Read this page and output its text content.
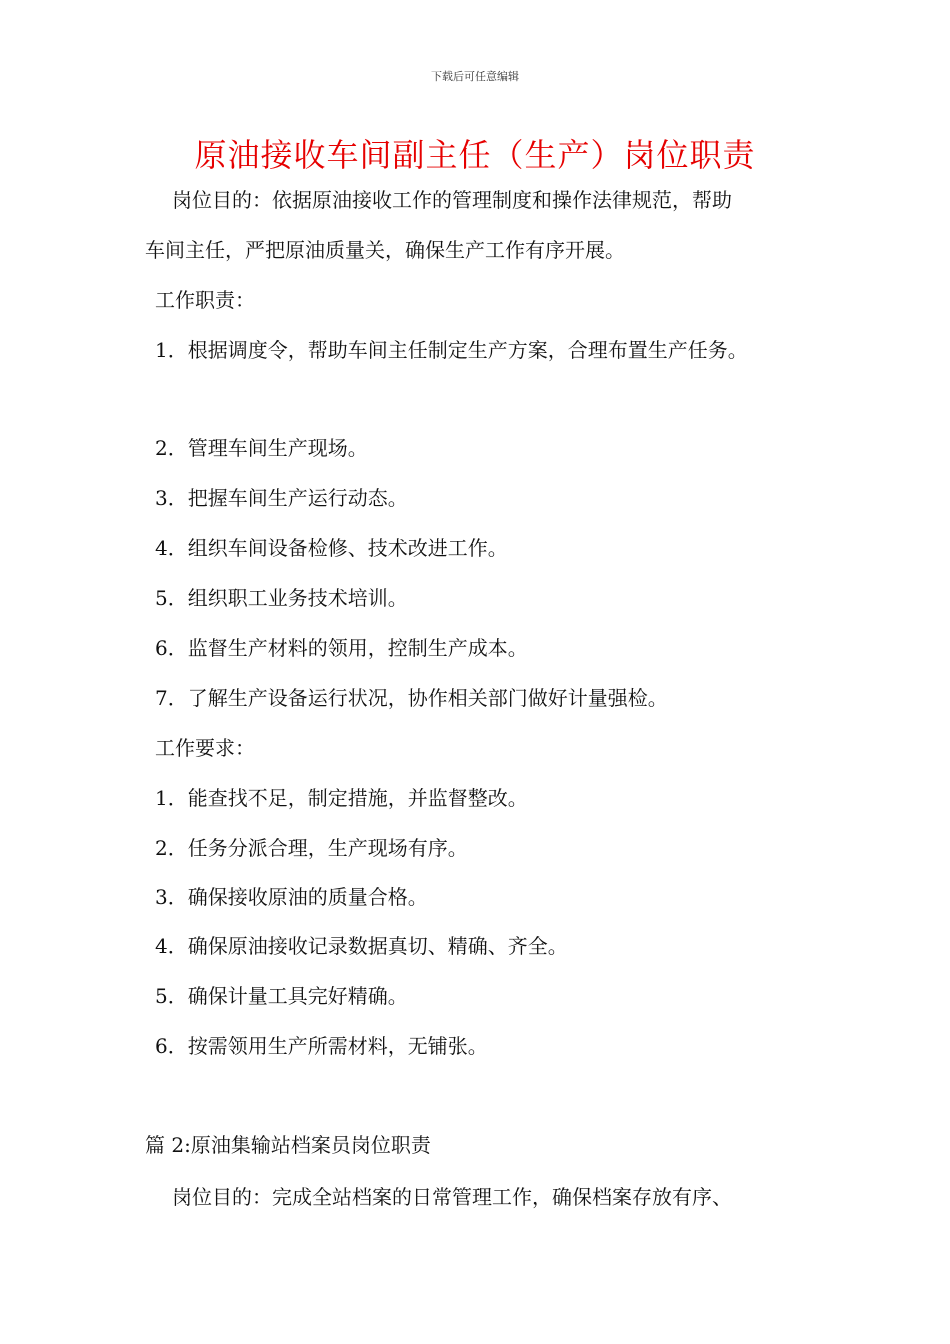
下载后可任意编辑
原油接收车间副主任（生产）岗位职责
岗位目的：依据原油接收工作的管理制度和操作法律规范，帮助
车间主任，严把原油质量关，确保生产工作有序开展。
工作职责：
1．根据调度令，帮助车间主任制定生产方案，合理布置生产任务。
2．管理车间生产现场。
3．把握车间生产运行动态。
4．组织车间设备检修、技术改进工作。
5．组织职工业务技术培训。
6．监督生产材料的领用，控制生产成本。
7．了解生产设备运行状况，协作相关部门做好计量强检。
工作要求：
1．能查找不足，制定措施，并监督整改。
2．任务分派合理，生产现场有序。
3．确保接收原油的质量合格。
4．确保原油接收记录数据真切、精确、齐全。
5．确保计量工具完好精确。
6．按需领用生产所需材料，无铺张。
篇 2:原油集输站档案员岗位职责
岗位目的：完成全站档案的日常管理工作，确保档案存放有序、
